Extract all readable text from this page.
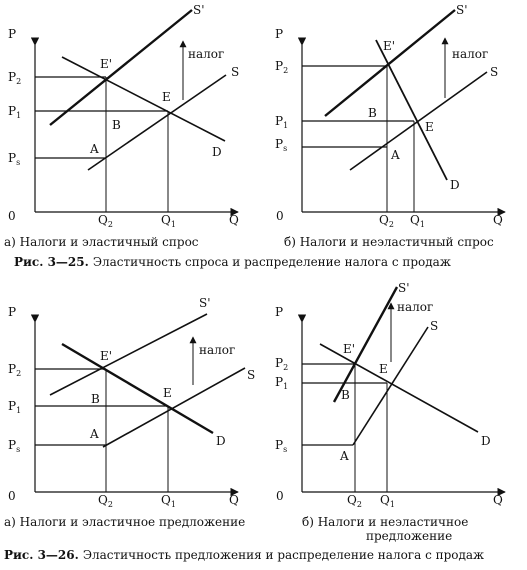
P
Q
0
$P_2$
$P_1$
$P_s$
$Q_2$	$Q_1$
S'
S
D
E'
E
B
A
налог
P
Q
0
$P_2$
$P_1$
$P_s$
$Q_2$ $Q_1$
S'
S
D
E'
E
B
A
налог
а) Налоги и эластичный спрос	б) Налоги и неэластичный спрос
Рис. 3—25. Эластичность спроса и распределение налога с продаж
P
Q
0
$P_2$
$P_1$
$P_s$
$Q_2$	$Q_1$
S'
S
D
E'
E
B
A
налог
P
Q
0
$P_2$
$P_1$
$P_s$
$Q_2$ $Q_1$
S'
S
D
E'
E
B
A
налог
а) Налоги и эластичное предложение	б) Налоги и неэластичное
предложение
Рис. 3—26. Эластичность предложения и распределение налога с продаж
